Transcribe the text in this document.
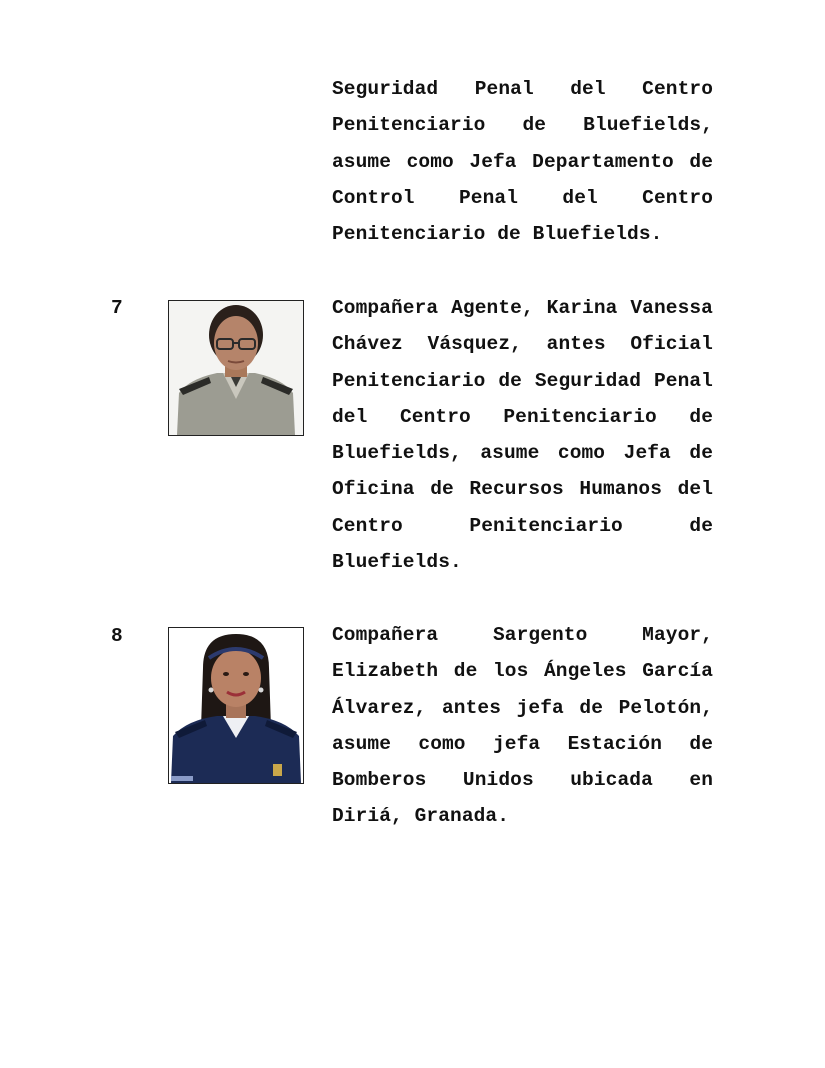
Seguridad Penal del Centro Penitenciario de Bluefields, asume como Jefa Departamento de Control Penal del Centro Penitenciario de Bluefields.
7	Compañera Agente, Karina Vanessa Chávez Vásquez, antes Oficial Penitenciario de Seguridad Penal del Centro Penitenciario de Bluefields, asume como Jefa de Oficina de Recursos Humanos del Centro Penitenciario de Bluefields.
8	Compañera Sargento Mayor, Elizabeth de los Ángeles García Álvarez, antes jefa de Pelotón, asume como jefa Estación de Bomberos Unidos ubicada en Diriá, Granada.
